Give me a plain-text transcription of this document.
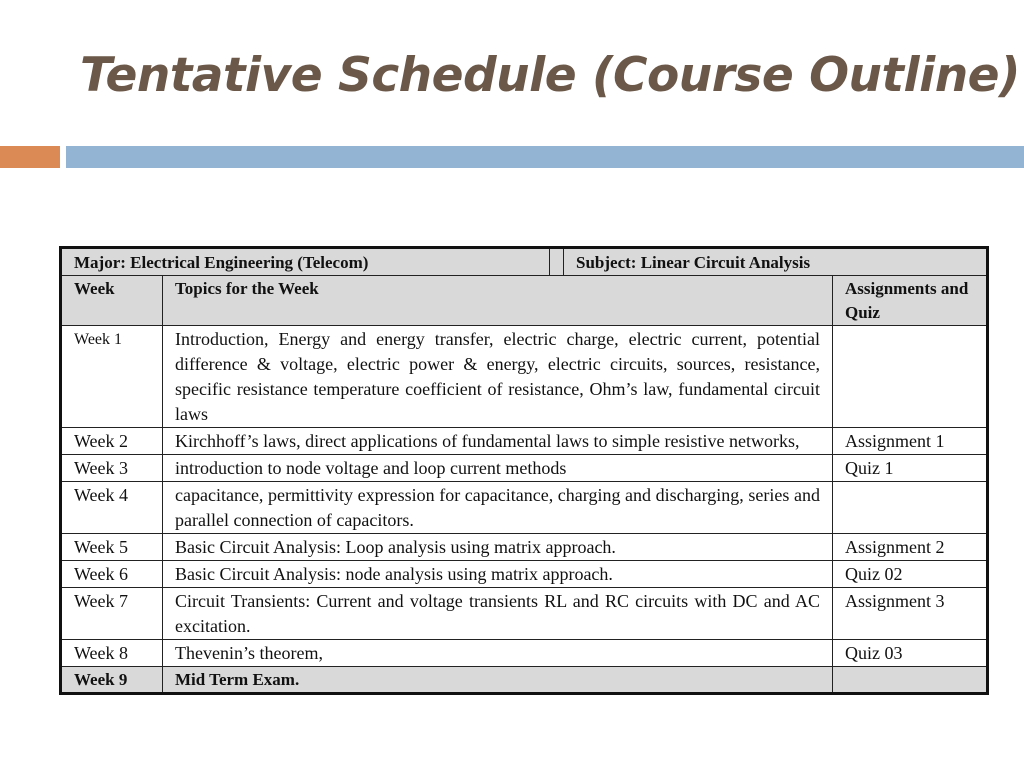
Tentative Schedule (Course Outline)
Major: Electrical Engineering (Telecom) Subject: Linear Circuit Analysis		

Week	Topics for the Week	Assignments and Quiz
Week 1	Introduction, Energy and energy transfer, electric charge, electric current, potential difference & voltage, electric power & energy, electric circuits, sources, resistance, specific resistance temperature coefficient of resistance, Ohm’s law, fundamental circuit laws	
Week 2	Kirchhoff’s laws, direct applications of fundamental laws to simple resistive networks,	Assignment 1
Week 3	introduction to node voltage and loop current methods	Quiz 1
Week 4	capacitance, permittivity expression for capacitance, charging and discharging, series and parallel connection of capacitors.	
Week 5	Basic Circuit Analysis: Loop analysis using matrix approach.	Assignment 2
Week 6	Basic Circuit Analysis: node analysis using matrix approach.	Quiz 02
Week 7	Circuit Transients: Current and voltage transients RL and RC circuits with DC and AC excitation.	Assignment 3
Week 8	Thevenin’s theorem,	Quiz 03
Week 9	Mid Term Exam.	
